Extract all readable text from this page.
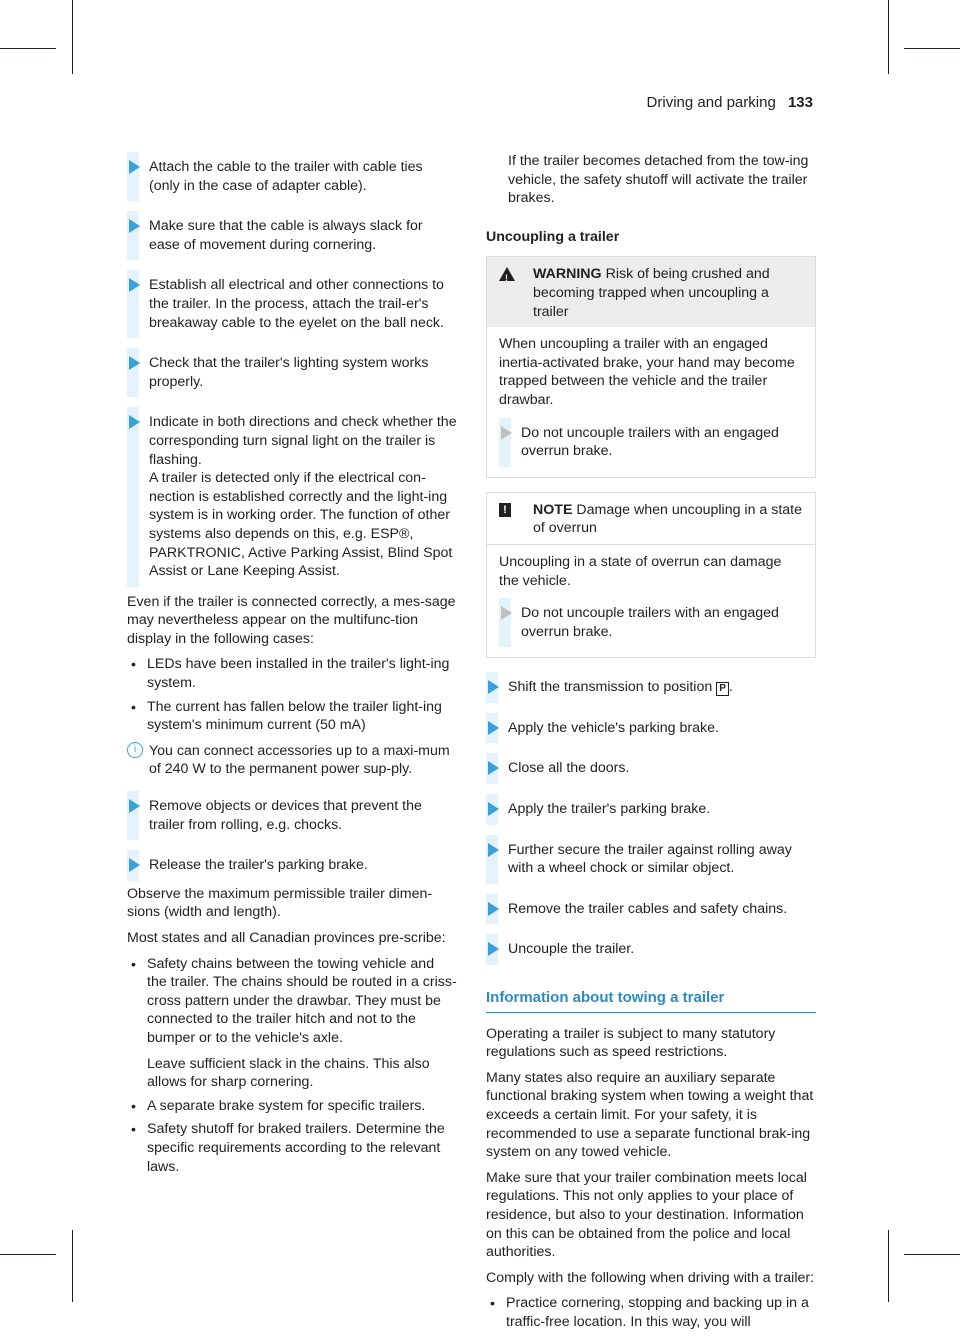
Driving and parking 133
Attach the cable to the trailer with cable ties (only in the case of adapter cable).
Make sure that the cable is always slack for ease of movement during cornering.
Establish all electrical and other connections to the trailer. In the process, attach the trail-er's breakaway cable to the eyelet on the ball neck.
Check that the trailer's lighting system works properly.
Indicate in both directions and check whether the corresponding turn signal light on the trailer is flashing.
A trailer is detected only if the electrical con-nection is established correctly and the light-ing system is in working order. The function of other systems also depends on this, e.g. ESP®, PARKTRONIC, Active Parking Assist, Blind Spot Assist or Lane Keeping Assist.

Even if the trailer is connected correctly, a mes-sage may nevertheless appear on the multifunc-tion display in the following cases:

• LEDs have been installed in the trailer's light-ing system.
• The current has fallen below the trailer light-ing system's minimum current (50 mA)
i You can connect accessories up to a maxi-mum of 240 W to the permanent power sup-ply.
Remove objects or devices that prevent the trailer from rolling, e.g. chocks.
Release the trailer's parking brake.

Observe the maximum permissible trailer dimen-sions (width and length).

Most states and all Canadian provinces pre-scribe:

• Safety chains between the towing vehicle and the trailer. The chains should be routed in a criss-cross pattern under the drawbar. They must be connected to the trailer hitch and not to the bumper or to the vehicle's axle.

Leave sufficient slack in the chains. This also allows for sharp cornering.
• A separate brake system for specific trailers.
• Safety shutoff for braked trailers. Determine the specific requirements according to the relevant laws.
If the trailer becomes detached from the tow-ing vehicle, the safety shutoff will activate the trailer brakes.
Uncoupling a trailer
!
WARNING Risk of being crushed and becoming trapped when uncoupling a trailer
When uncoupling a trailer with an engaged inertia-activated brake, your hand may become trapped between the vehicle and the trailer drawbar.
Do not uncouple trailers with an engaged overrun brake.
! NOTE Damage when uncoupling in a state of overrun
Uncoupling in a state of overrun can damage the vehicle.
Do not uncouple trailers with an engaged overrun brake.
Shift the transmission to position P .
Apply the vehicle's parking brake.
Close all the doors.
Apply the trailer's parking brake.
Further secure the trailer against rolling away with a wheel chock or similar object.
Remove the trailer cables and safety chains.
Uncouple the trailer.
Information about towing a trailer

Operating a trailer is subject to many statutory regulations such as speed restrictions.

Many states also require an auxiliary separate functional braking system when towing a weight that exceeds a certain limit. For your safety, it is recommended to use a separate functional brak-ing system on any towed vehicle.

Make sure that your trailer combination meets local regulations. This not only applies to your place of residence, but also to your destination. Information on this can be obtained from the police and local authorities.

Comply with the following when driving with a trailer:

• Practice cornering, stopping and backing up in a traffic-free location. In this way, you will
